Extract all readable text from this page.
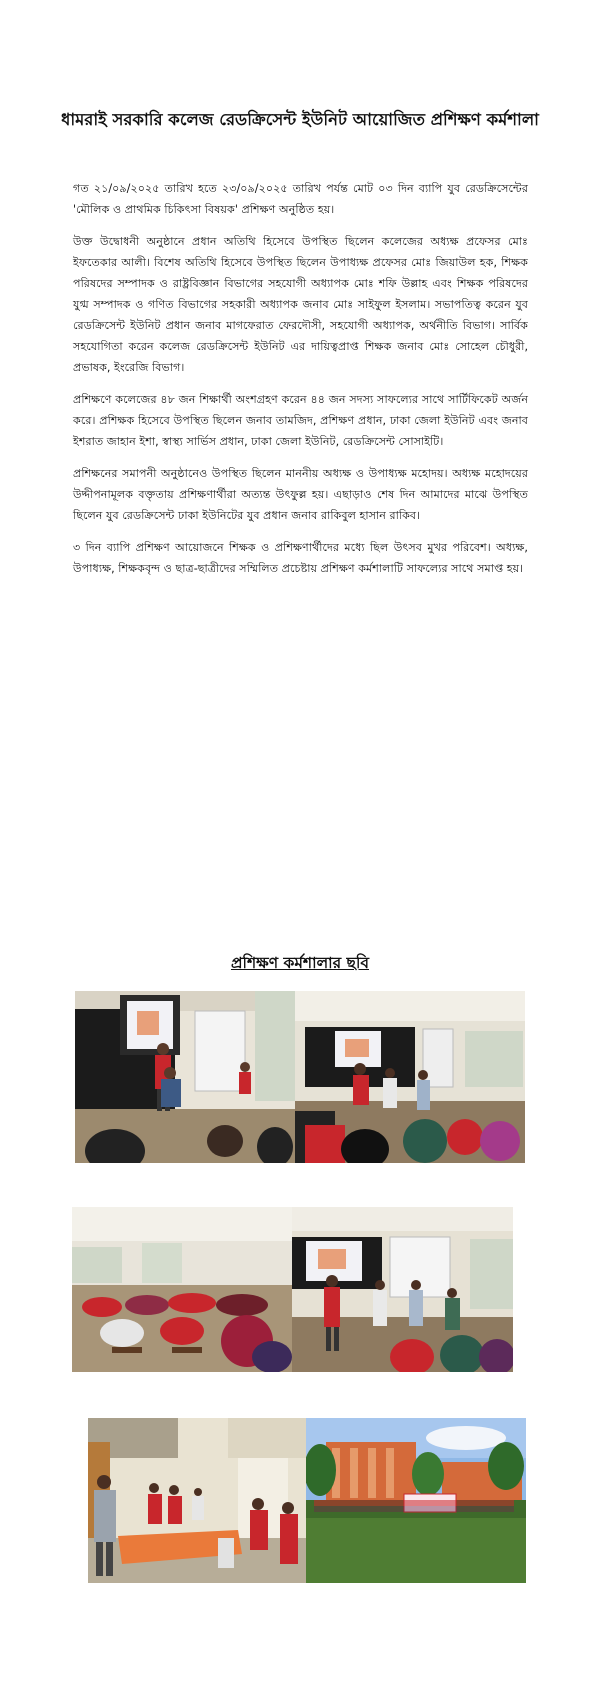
ধামরাই সরকারি কলেজ রেডক্রিসেন্ট ইউনিট আয়োজিত প্রশিক্ষণ কর্মশালা

গত ২১/০৯/২০২৫ তারিখ হতে ২৩/০৯/২০২৫ তারিখ পর্যন্ত মোট ০৩ দিন ব্যাপি যুব রেডক্রিসেন্টের 'মৌলিক ও প্রাথমিক চিকিৎসা বিষয়ক' প্রশিক্ষণ অনুষ্ঠিত হয়।

উক্ত উদ্বোধনী অনুষ্ঠানে প্রধান অতিথি হিসেবে উপস্থিত ছিলেন কলেজের অধ্যক্ষ প্রফেসর মোঃ ইফতেকার আলী। বিশেষ অতিথি হিসেবে উপস্থিত ছিলেন উপাধ্যক্ষ প্রফেসর মোঃ জিয়াউল হক, শিক্ষক পরিষদের সম্পাদক ও রাষ্ট্রবিজ্ঞান বিভাগের সহযোগী অধ্যাপক মোঃ শফি উল্লাহ এবং শিক্ষক পরিষদের যুগ্ম সম্পাদক ও গণিত বিভাগের সহকারী অধ্যাপক জনাব মোঃ সাইফুল ইসলাম। সভাপতিত্ব করেন যুব রেডক্রিসেন্ট ইউনিট প্রধান জনাব মাগফেরাত ফেরদৌসী, সহযোগী অধ্যাপক, অর্থনীতি বিভাগ। সার্বিক সহযোগিতা করেন কলেজ রেডক্রিসেন্ট ইউনিট এর দায়িত্বপ্রাপ্ত শিক্ষক জনাব মোঃ সোহেল চৌধুরী, প্রভাষক, ইংরেজি বিভাগ।

প্রশিক্ষণে কলেজের ৪৮ জন শিক্ষার্থী অংশগ্রহণ করেন ৪৪ জন সদস্য সাফল্যের সাথে সার্টিফিকেট অর্জন করে। প্রশিক্ষক হিসেবে উপস্থিত ছিলেন জনাব তামজিদ, প্রশিক্ষণ প্রধান, ঢাকা জেলা ইউনিট এবং জনাব ইশরাত জাহান ইশা, স্বাস্থ্য সার্ভিস প্রধান, ঢাকা জেলা ইউনিট, রেডক্রিসেন্ট সোসাইটি।

প্রশিক্ষনের সমাপনী অনুষ্ঠানেও উপস্থিত ছিলেন মাননীয় অধ্যক্ষ ও উপাধ্যক্ষ মহোদয়। অধ্যক্ষ মহোদয়ের উদ্দীপনামূলক বক্তৃতায় প্রশিক্ষণার্থীরা অত্যন্ত উৎফুল্ল হয়। এছাড়াও শেষ দিন আমাদের মাঝে উপস্থিত ছিলেন যুব রেডক্রিসেন্ট ঢাকা ইউনিটের যুব প্রধান জনাব রাকিবুল হাসান রাকিব।

৩ দিন ব্যাপি প্রশিক্ষণ আয়োজনে শিক্ষক ও প্রশিক্ষণার্থীদের মধ্যে ছিল উৎসব মুখর পরিবেশ। অধ্যক্ষ, উপাধ্যক্ষ, শিক্ষকবৃন্দ ও ছাত্র-ছাত্রীদের সম্মিলিত প্রচেষ্টায় প্রশিক্ষণ কর্মশালাটি সাফল্যের সাথে সমাপ্ত হয়।

প্রশিক্ষণ কর্মশালার ছবি
